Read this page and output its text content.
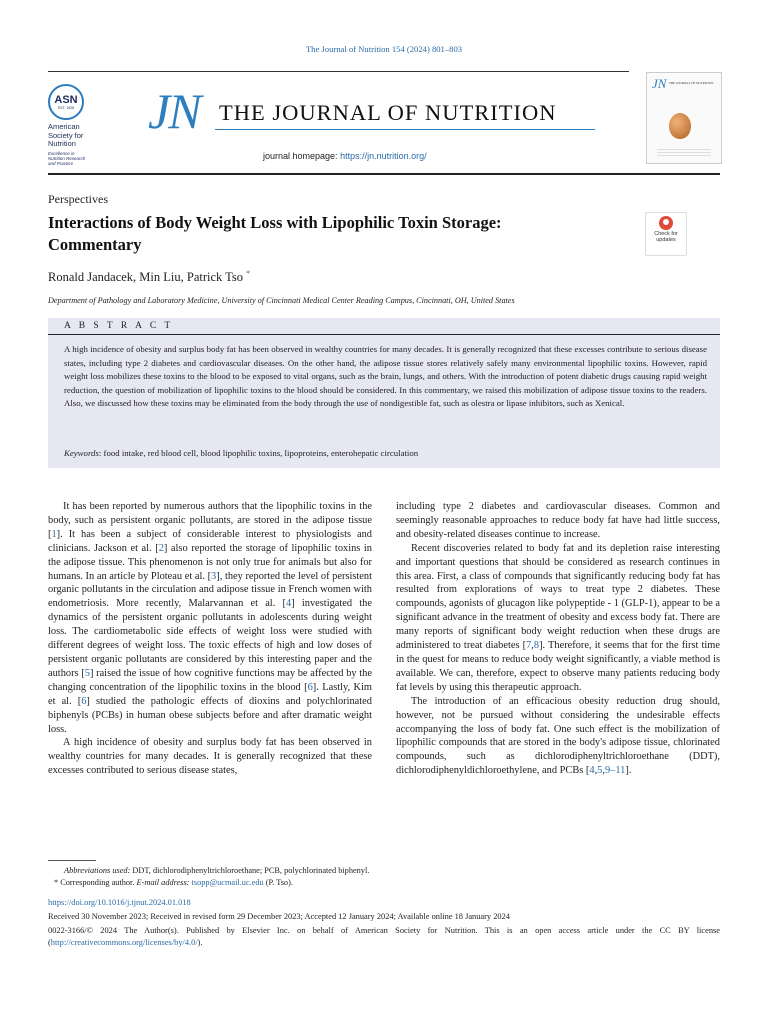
The Journal of Nutrition 154 (2024) 801–803
ASN
EST. 1928
American
Society for
Nutrition
Excellence in
Nutrition Research
and Practice
JN THE JOURNAL OF NUTRITION
journal homepage: https://jn.nutrition.org/
JN THE JOURNAL OF NUTRITION
Perspectives
Interactions of Body Weight Loss with Lipophilic Toxin Storage: Commentary
Check for
updates
Ronald Jandacek, Min Liu, Patrick Tso *
Department of Pathology and Laboratory Medicine, University of Cincinnati Medical Center Reading Campus, Cincinnati, OH, United States
A B S T R A C T
A high incidence of obesity and surplus body fat has been observed in wealthy countries for many decades. It is generally recognized that these excesses contribute to serious disease states, including type 2 diabetes and cardiovascular diseases. On the other hand, the adipose tissue stores relatively safely many environmental lipophilic toxins. However, rapid weight loss mobilizes these toxins to the blood to be exposed to vital organs, such as the brain, lungs, and others. With the introduction of potent diabetic drugs causing rapid weight reduction, the question of mobilization of lipophilic toxins to the blood should be considered. In this commentary, we raised this mobilization of adipose tissue toxins to the readers. Also, we discussed how these toxins may be eliminated from the body through the use of nondigestible fat, such as olestra or lipase inhibitors, such as Xenical.
Keywords: food intake, red blood cell, blood lipophilic toxins, lipoproteins, enterohepatic circulation

It has been reported by numerous authors that the lipophilic toxins in the body, such as persistent organic pollutants, are stored in the adipose tissue [1]. It has been a subject of considerable interest to physiologists and clinicians. Jackson et al. [2] also reported the storage of lipophilic toxins in the adipose tissue. This phenomenon is not only true for animals but also for humans. In an article by Ploteau et al. [3], they reported the level of persistent organic pollutants in the circulation and adipose tissue in French women with endometriosis. More recently, Malarvannan et al. [4] investigated the dynamics of the persistent organic pollutants in adolescents during weight loss. The cardiometabolic side effects of weight loss were studied with different degrees of weight loss. The toxic effects of high and low doses of persistent organic pollutants are considered by this interesting paper and the authors [5] raised the issue of how cognitive functions may be affected by the changing concentration of the lipophilic toxins in the blood [6]. Lastly, Kim et al. [6] studied the pathologic effects of dioxins and polychlorinated biphenyls (PCBs) in human obese subjects before and after dramatic weight loss.

A high incidence of obesity and surplus body fat has been observed in wealthy countries for many decades. It is generally recognized that these excesses contributed to serious disease states,

including type 2 diabetes and cardiovascular diseases. Common and seemingly reasonable approaches to reduce body fat have had little success, and obesity-related diseases continue to increase.

Recent discoveries related to body fat and its depletion raise interesting and important questions that should be considered as research continues in this area. First, a class of compounds that significantly reducing body fat has resulted from explorations of ways to treat type 2 diabetes. These compounds, agonists of glucagon like polypeptide - 1 (GLP-1), appear to be a significant advance in the treatment of obesity and excess body fat. There are many reports of significant body weight reduction when these drugs are administered to treat diabetes [7,8]. Therefore, it seems that for the first time in the quest for means to reduce body weight significantly, a viable method is available. We can, therefore, expect to observe many patients reducing body fat levels by using this therapeutic approach.

The introduction of an efficacious obesity reduction drug should, however, not be pursued without considering the undesirable effects accompanying the loss of body fat. One such effect is the mobilization of lipophilic compounds that are stored in the body's adipose tissue, chlorinated compounds, such as dichlorodiphenyltrichloroethane (DDT), dichlorodiphenyldichloroethylene, and PCBs [4,5,9–11].

Abbreviations used: DDT, dichlorodiphenyltrichloroethane; PCB, polychlorinated biphenyl.
* Corresponding author. E-mail address: tsopp@ucmail.uc.edu (P. Tso).
https://doi.org/10.1016/j.tjnut.2024.01.018
Received 30 November 2023; Received in revised form 29 December 2023; Accepted 12 January 2024; Available online 18 January 2024
0022-3166/© 2024 The Author(s). Published by Elsevier Inc. on behalf of American Society for Nutrition. This is an open access article under the CC BY license (http://creativecommons.org/licenses/by/4.0/).
